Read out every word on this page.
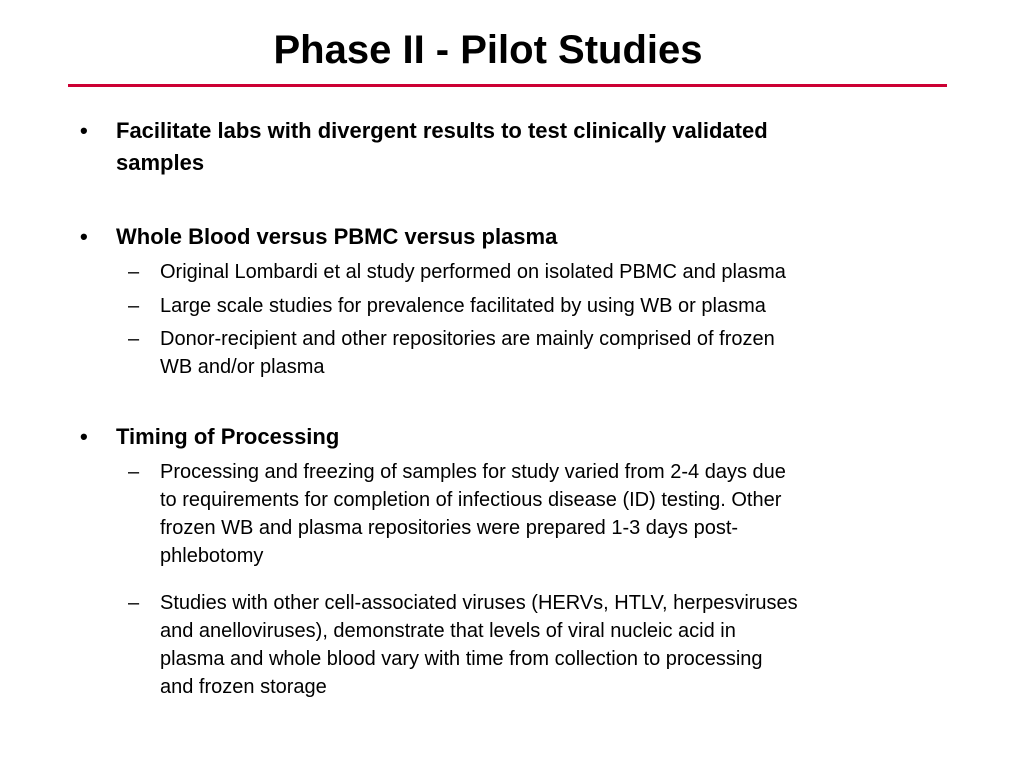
Phase II - Pilot Studies
• Facilitate labs with divergent results to test clinically validated
samples
• Whole Blood versus PBMC versus plasma
– Original Lombardi et al study performed on isolated PBMC and plasma
– Large scale studies for prevalence facilitated by using WB or plasma
– Donor-recipient and other repositories are mainly comprised of frozen
WB and/or plasma
• Timing of Processing
– Processing and freezing of samples for study varied from 2-4 days due
to requirements for completion of infectious disease (ID) testing. Other
frozen WB and plasma repositories were prepared 1-3 days post-
phlebotomy
– Studies with other cell-associated viruses (HERVs, HTLV, herpesviruses
and anelloviruses), demonstrate that levels of viral nucleic acid in
plasma and whole blood vary with time from collection to processing
and frozen storage
